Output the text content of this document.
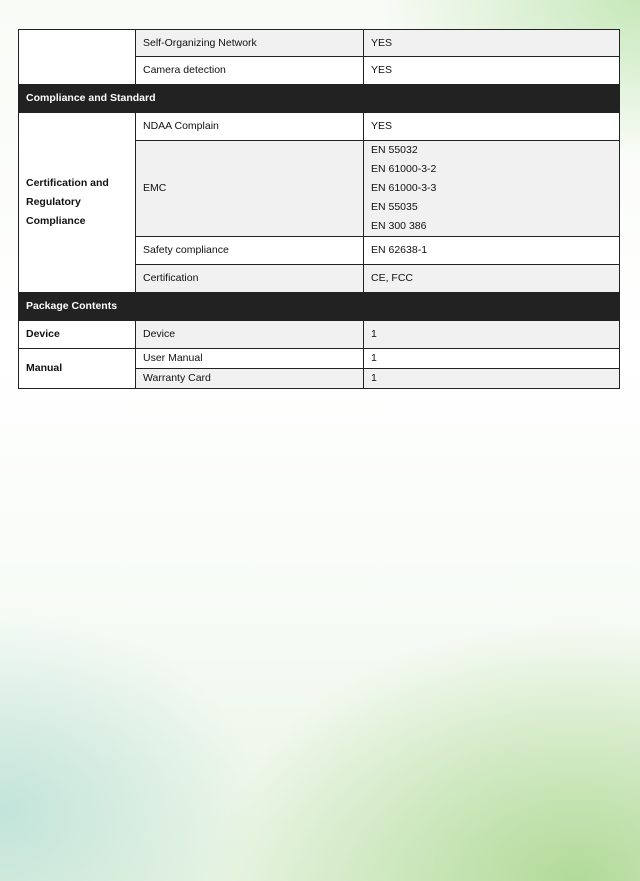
	Self-Organizing Network	YES
	Camera detection	YES
Compliance and Standard		
Certification and Regulatory Compliance	NDAA Complain	YES
	EMC	EN 55032
EN 61000-3-2
EN 61000-3-3
EN 55035
EN 300 386

	Safety compliance	EN 62638-1
	Certification	CE, FCC
Package Contents		
Device	Device	1
Manual	User Manual	1
	Warranty Card	1
